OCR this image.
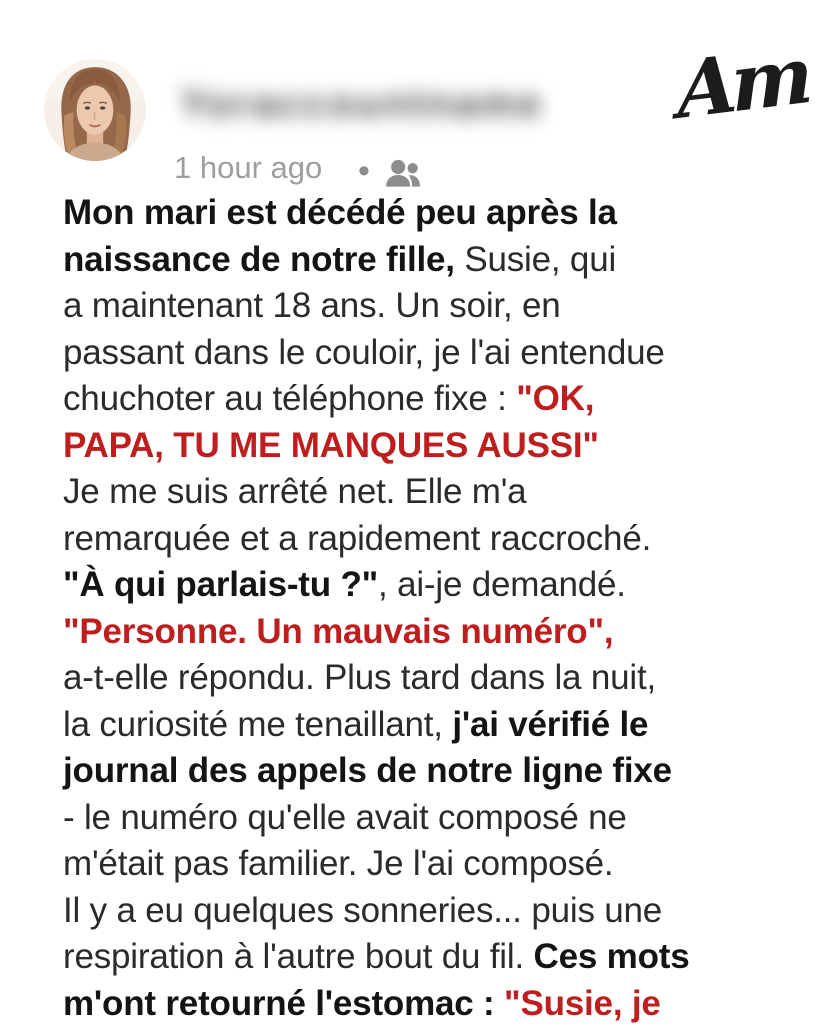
Yoraccountname
1 hour ago •
Am
Mon mari est décédé peu après la
naissance de notre fille, Susie, qui
a maintenant 18 ans. Un soir, en
passant dans le couloir, je l'ai entendue
chuchoter au téléphone fixe : "OK,
PAPA, TU ME MANQUES AUSSI"
Je me suis arrêté net. Elle m'a
remarquée et a rapidement raccroché.
"À qui parlais-tu ?", ai-je demandé.
"Personne. Un mauvais numéro",
a-t-elle répondu. Plus tard dans la nuit,
la curiosité me tenaillant, j'ai vérifié le
journal des appels de notre ligne fixe
- le numéro qu'elle avait composé ne
m'était pas familier. Je l'ai composé.
Il y a eu quelques sonneries... puis une
respiration à l'autre bout du fil. Ces mots
m'ont retourné l'estomac : "Susie, je
